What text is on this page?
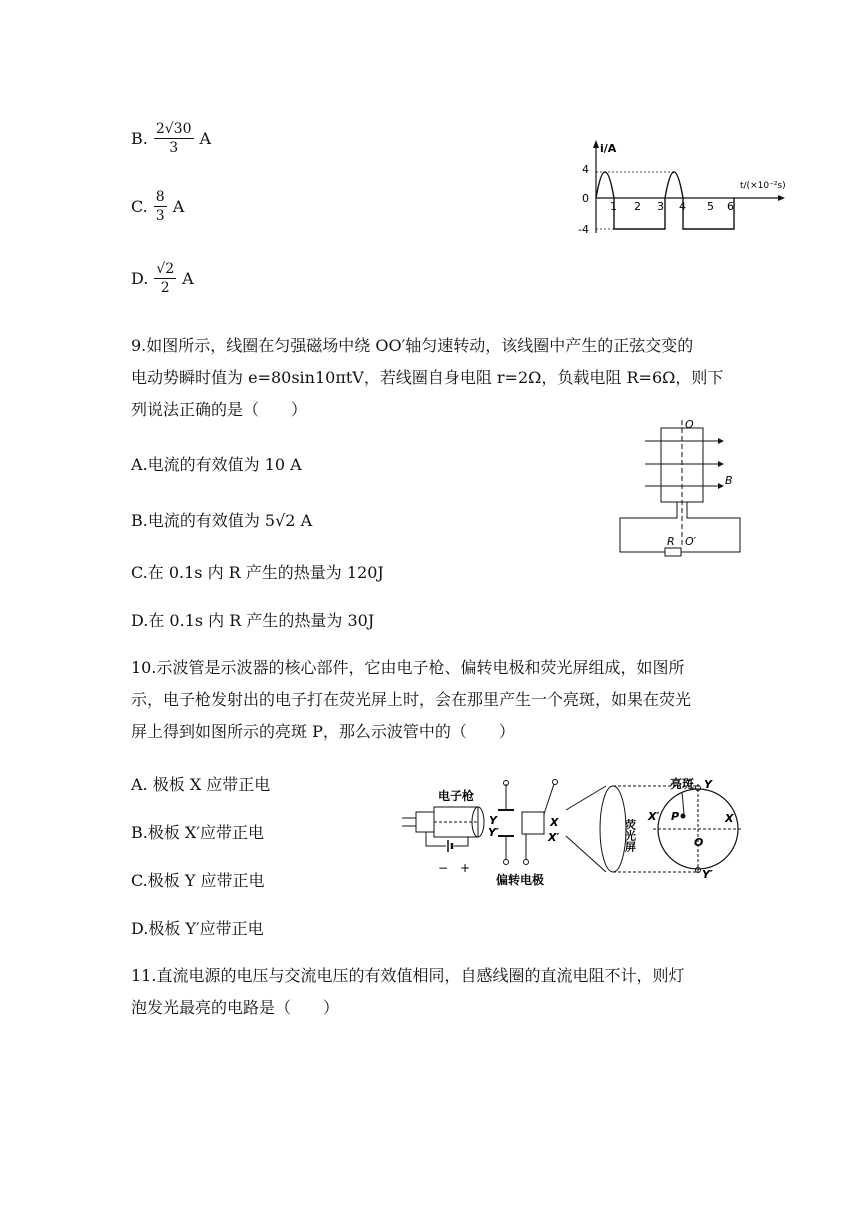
B. $\frac{2√30}{3}$ A
C. $\frac{8}{3}$ A
D. $\frac{√2}{2}$ A
i/A
t/(×10⁻²s)
4
0
-4
1 2 3 4 5 6
9.如图所示，线圈在匀强磁场中绕 OO′轴匀速转动，该线圈中产生的正弦交变的
电动势瞬时值为 e=80sin10πtV，若线圈自身电阻 r=2Ω，负载电阻 R=6Ω，则下
列说法正确的是（　　）
A.电流的有效值为 10 A
B.电流的有效值为 5√2 A
C.在 0.1s 内 R 产生的热量为 120J
D.在 0.1s 内 R 产生的热量为 30J
B
O
R O′
10.示波管是示波器的核心部件，它由电子枪、偏转电极和荧光屏组成，如图所
示，电子枪发射出的电子打在荧光屏上时，会在那里产生一个亮斑，如果在荧光
屏上得到如图所示的亮斑 P，那么示波管中的（　　）
A. 极板 X 应带正电
B.极板 X′应带正电
C.极板 Y 应带正电
D.极板 Y′应带正电
电子枪
− +
Y
Y′
X
X′
偏转电极
荧光屏
Y
Y′
X
X′ P
O
亮斑
11.直流电源的电压与交流电压的有效值相同，自感线圈的直流电阻不计，则灯
泡发光最亮的电路是（　　）
